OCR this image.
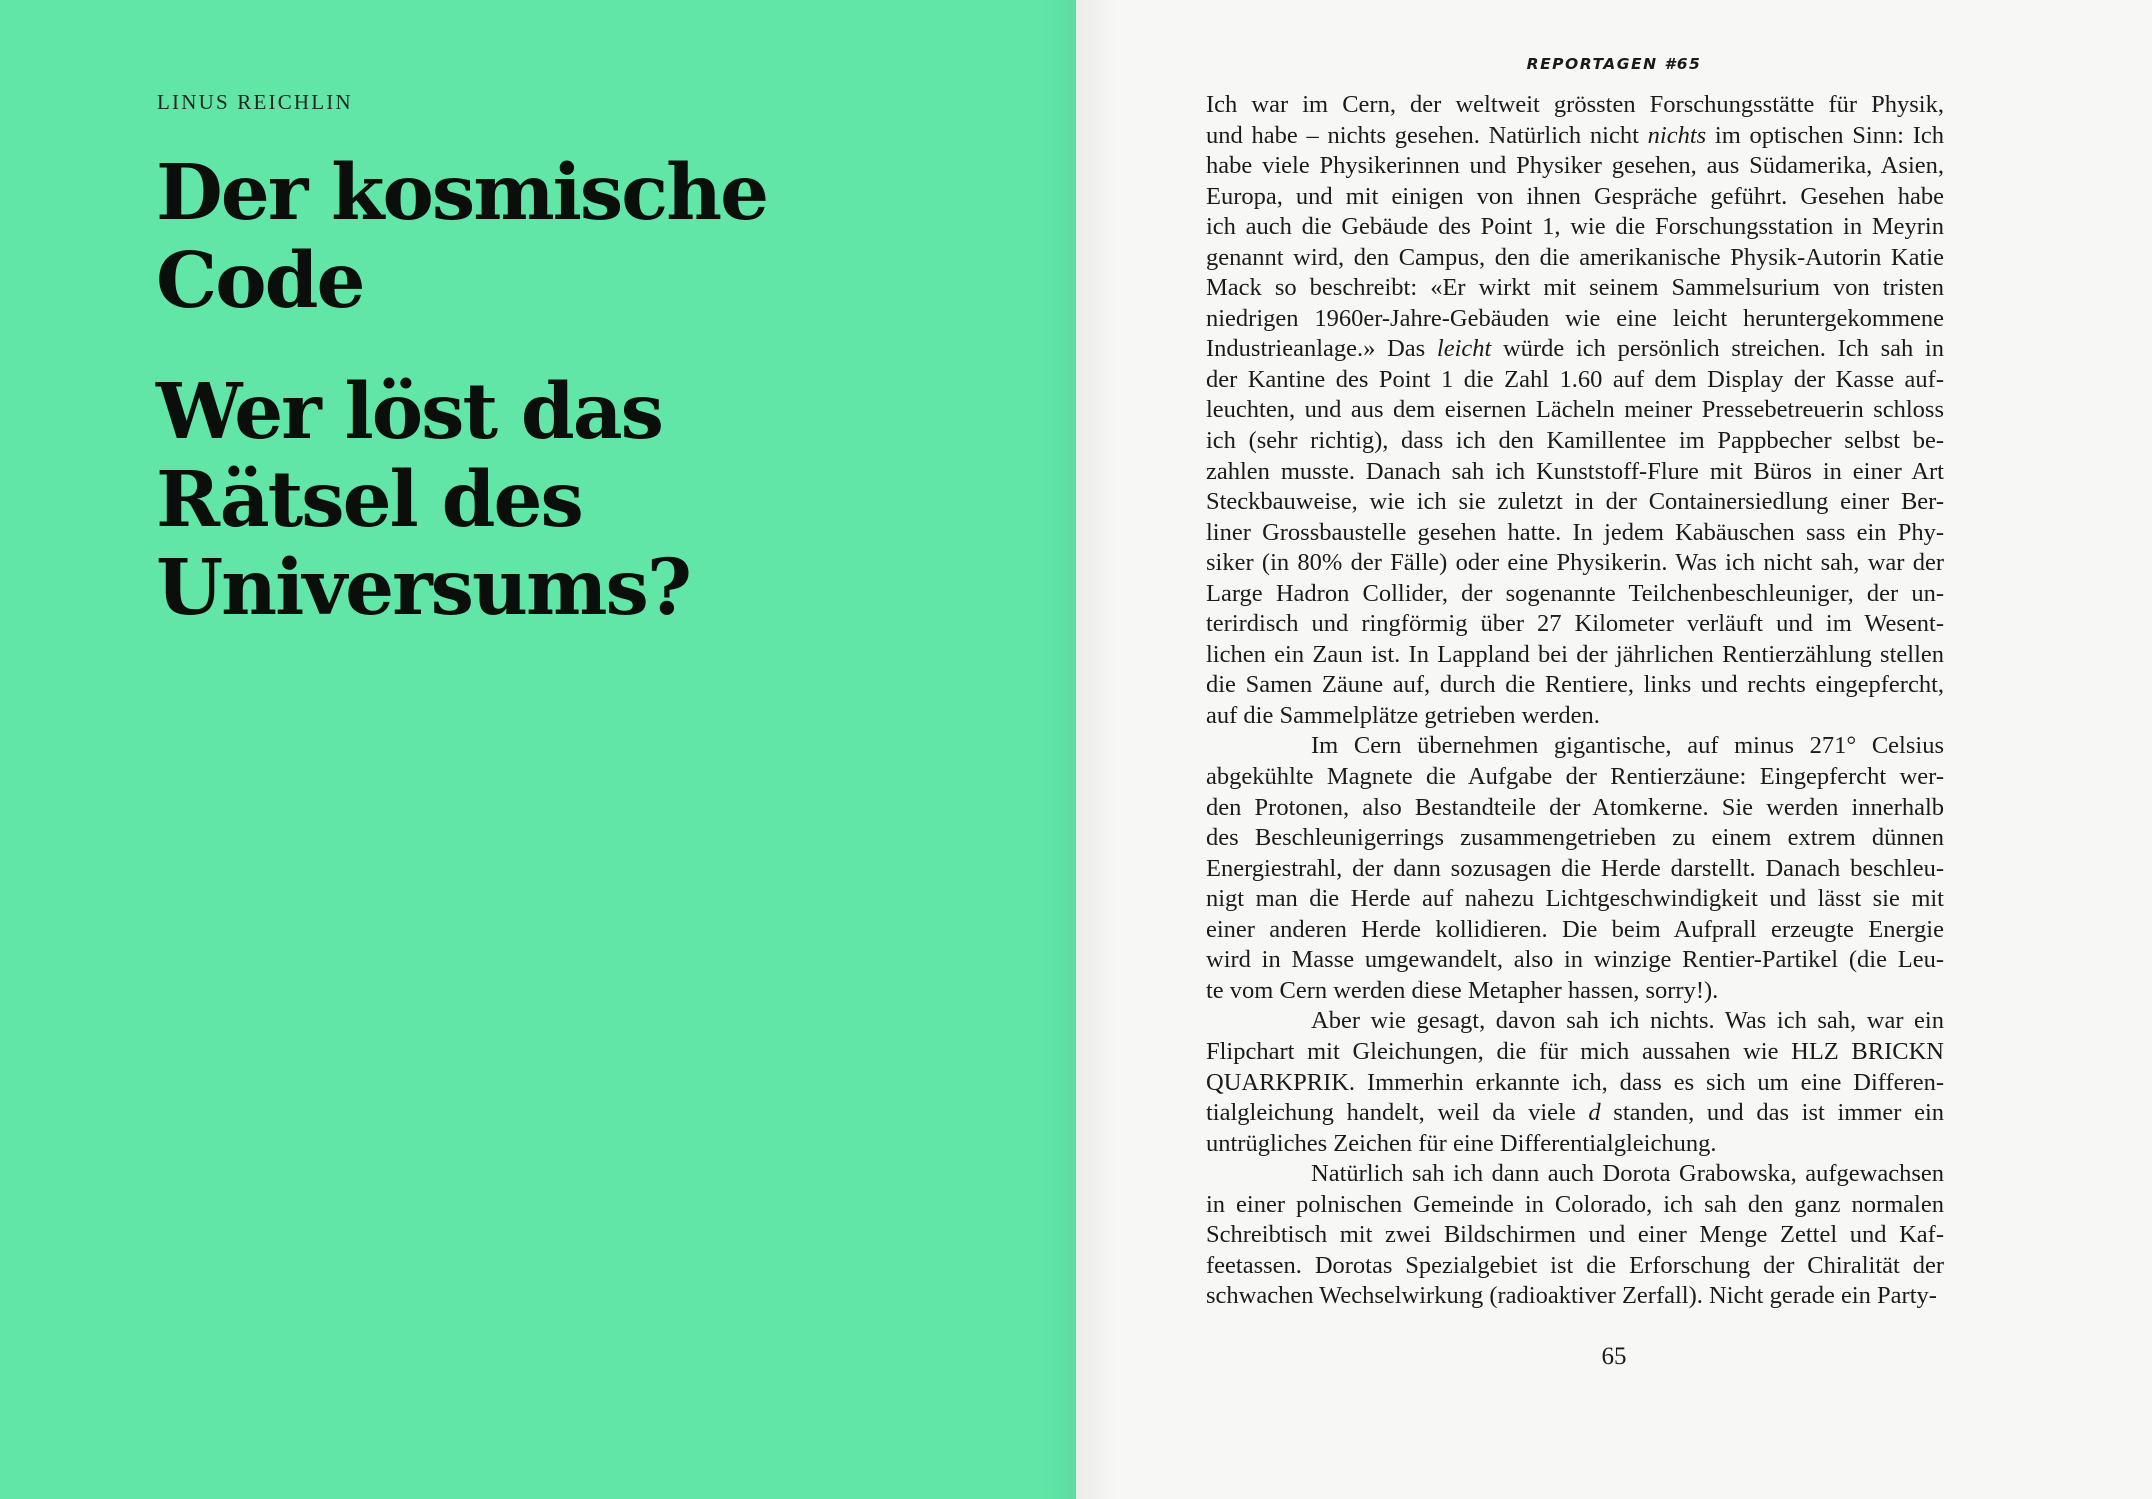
LINUS REICHLIN
Der kosmische
Code
Wer löst das
Rätsel des
Universums?
REPORTAGEN #65
Ich war im Cern, der weltweit grössten Forschungsstätte für Physik,
und habe – nichts gesehen. Natürlich nicht nichts im optischen Sinn: Ich
habe viele Physikerinnen und Physiker gesehen, aus Südamerika, Asien,
Europa, und mit einigen von ihnen Gespräche geführt. Gesehen habe
ich auch die Gebäude des Point 1, wie die Forschungsstation in Meyrin
genannt wird, den Campus, den die amerikanische Physik-Autorin Katie
Mack so beschreibt: «Er wirkt mit seinem Sammelsurium von tristen
niedrigen 1960er-Jahre-Gebäuden wie eine leicht heruntergekommene
Industrieanlage.» Das leicht würde ich persönlich streichen. Ich sah in
der Kantine des Point 1 die Zahl 1.60 auf dem Display der Kasse auf-
leuchten, und aus dem eisernen Lächeln meiner Pressebetreuerin schloss
ich (sehr richtig), dass ich den Kamillentee im Pappbecher selbst be-
zahlen musste. Danach sah ich Kunststoff-Flure mit Büros in einer Art
Steckbauweise, wie ich sie zuletzt in der Containersiedlung einer Ber-
liner Grossbaustelle gesehen hatte. In jedem Kabäuschen sass ein Phy-
siker (in 80% der Fälle) oder eine Physikerin. Was ich nicht sah, war der
Large Hadron Collider, der sogenannte Teilchenbeschleuniger, der un-
terirdisch und ringförmig über 27 Kilometer verläuft und im Wesent-
lichen ein Zaun ist. In Lappland bei der jährlichen Rentierzählung stellen
die Samen Zäune auf, durch die Rentiere, links und rechts eingepfercht,
auf die Sammelplätze getrieben werden.
Im Cern übernehmen gigantische, auf minus 271° Celsius
abgekühlte Magnete die Aufgabe der Rentierzäune: Eingepfercht wer-
den Protonen, also Bestandteile der Atomkerne. Sie werden innerhalb
des Beschleunigerrings zusammengetrieben zu einem extrem dünnen
Energiestrahl, der dann sozusagen die Herde darstellt. Danach beschleu-
nigt man die Herde auf nahezu Lichtgeschwindigkeit und lässt sie mit
einer anderen Herde kollidieren. Die beim Aufprall erzeugte Energie
wird in Masse umgewandelt, also in winzige Rentier-Partikel (die Leu-
te vom Cern werden diese Metapher hassen, sorry!).
Aber wie gesagt, davon sah ich nichts. Was ich sah, war ein
Flipchart mit Gleichungen, die für mich aussahen wie HLZ BRICKN
QUARKPRIK. Immerhin erkannte ich, dass es sich um eine Differen-
tialgleichung handelt, weil da viele d standen, und das ist immer ein
untrügliches Zeichen für eine Differentialgleichung.
Natürlich sah ich dann auch Dorota Grabowska, aufgewachsen
in einer polnischen Gemeinde in Colorado, ich sah den ganz normalen
Schreibtisch mit zwei Bildschirmen und einer Menge Zettel und Kaf-
feetassen. Dorotas Spezialgebiet ist die Erforschung der Chiralität der
schwachen Wechselwirkung (radioaktiver Zerfall). Nicht gerade ein Party-
65
